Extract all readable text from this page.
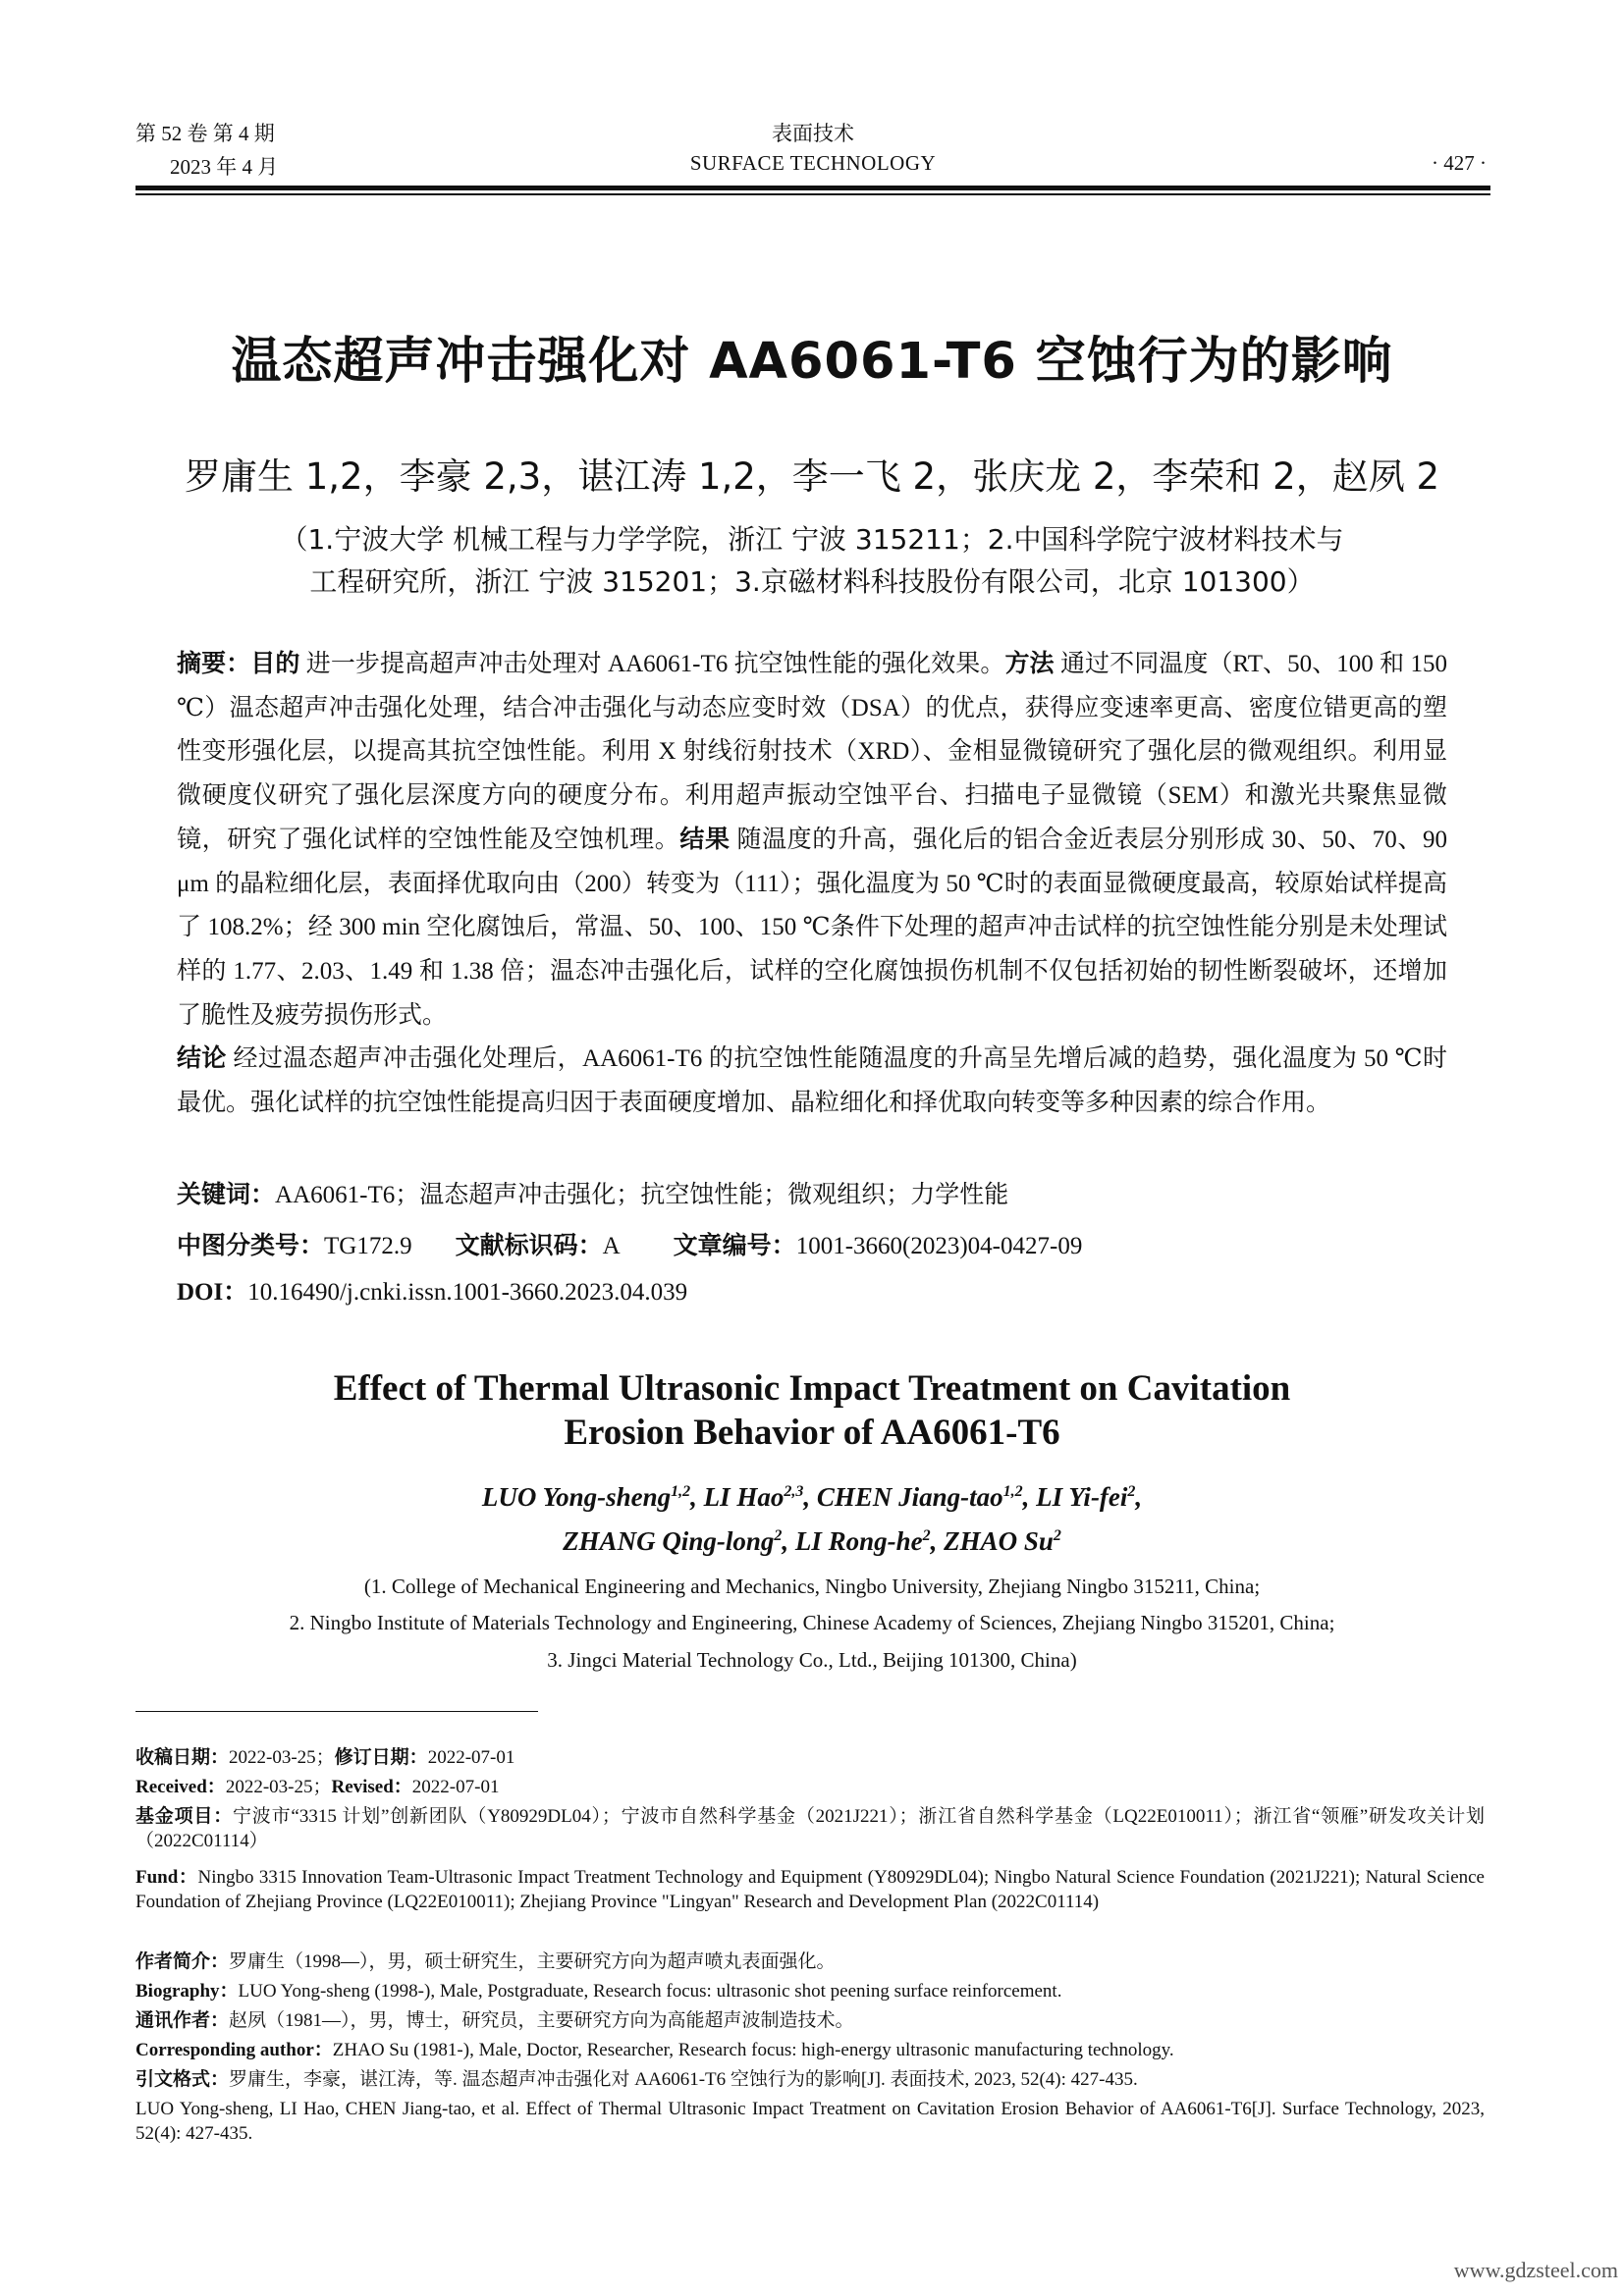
第 52 卷 第 4 期
2023 年 4 月
表面技术
SURFACE TECHNOLOGY	· 427 ·
温态超声冲击强化对 AA6061-T6 空蚀行为的影响
罗庸生 1,2，李豪 2,3，谌江涛 1,2，李一飞 2，张庆龙 2，李荣和 2，赵夙 2
（1.宁波大学 机械工程与力学学院，浙江 宁波 315211；2.中国科学院宁波材料技术与
工程研究所，浙江 宁波 315201；3.京磁材料科技股份有限公司，北京 101300）
摘要：目的 进一步提高超声冲击处理对 AA6061-T6 抗空蚀性能的强化效果。方法 通过不同温度（RT、50、100 和 150 ℃）温态超声冲击强化处理，结合冲击强化与动态应变时效（DSA）的优点，获得应变速率更高、密度位错更高的塑性变形强化层，以提高其抗空蚀性能。利用 X 射线衍射技术（XRD）、金相显微镜研究了强化层的微观组织。利用显微硬度仪研究了强化层深度方向的硬度分布。利用超声振动空蚀平台、扫描电子显微镜（SEM）和激光共聚焦显微镜，研究了强化试样的空蚀性能及空蚀机理。结果 随温度的升高，强化后的铝合金近表层分别形成 30、50、70、90 μm 的晶粒细化层，表面择优取向由（200）转变为（111）；强化温度为 50 ℃时的表面显微硬度最高，较原始试样提高了 108.2%；经 300 min 空化腐蚀后，常温、50、100、150 ℃条件下处理的超声冲击试样的抗空蚀性能分别是未处理试样的 1.77、2.03、1.49 和 1.38 倍；温态冲击强化后，试样的空化腐蚀损伤机制不仅包括初始的韧性断裂破坏，还增加了脆性及疲劳损伤形式。
结论 经过温态超声冲击强化处理后，AA6061-T6 的抗空蚀性能随温度的升高呈先增后减的趋势，强化温度为 50 ℃时最优。强化试样的抗空蚀性能提高归因于表面硬度增加、晶粒细化和择优取向转变等多种因素的综合作用。
关键词：AA6061-T6；温态超声冲击强化；抗空蚀性能；微观组织；力学性能
中图分类号：TG172.9 文献标识码：A 文章编号：1001-3660(2023)04-0427-09
DOI：10.16490/j.cnki.issn.1001-3660.2023.04.039
Effect of Thermal Ultrasonic Impact Treatment on Cavitation
Erosion Behavior of AA6061-T6
LUO Yong-sheng$^{1,2}$, LI Hao$^{2,3}$, CHEN Jiang-tao$^{1,2}$, LI Yi-fei$^2$,
ZHANG Qing-long$^2$, LI Rong-$he^2$, ZHAO Su$^2$
(1. College of Mechanical Engineering and Mechanics, Ningbo University, Zhejiang Ningbo 315211, China;
2. Ningbo Institute of Materials Technology and Engineering, Chinese Academy of Sciences, Zhejiang Ningbo 315201, China;
3. Jingci Material Technology Co., Ltd., Beijing 101300, China)
收稿日期：2022-03-25；修订日期：2022-07-01
Received：2022-03-25；Revised：2022-07-01
基金项目：宁波市“3315 计划”创新团队（Y80929DL04）；宁波市自然科学基金（2021J221）；浙江省自然科学基金（LQ22E010011）；浙江省“领雁”研发攻关计划（2022C01114）
Fund：Ningbo 3315 Innovation Team-Ultrasonic Impact Treatment Technology and Equipment (Y80929DL04); Ningbo Natural Science Foundation (2021J221); Natural Science Foundation of Zhejiang Province (LQ22E010011); Zhejiang Province "Lingyan" Research and Development Plan (2022C01114)
作者简介：罗庸生（1998—），男，硕士研究生，主要研究方向为超声喷丸表面强化。
Biography：LUO Yong-sheng (1998-), Male, Postgraduate, Research focus: ultrasonic shot peening surface reinforcement.
通讯作者：赵夙（1981—），男，博士，研究员，主要研究方向为高能超声波制造技术。
Corresponding author：ZHAO Su (1981-), Male, Doctor, Researcher, Research focus: high-energy ultrasonic manufacturing technology.
引文格式：罗庸生，李豪，谌江涛，等. 温态超声冲击强化对 AA6061-T6 空蚀行为的影响[J]. 表面技术, 2023, 52(4): 427-435.
LUO Yong-sheng, LI Hao, CHEN Jiang-tao, et al. Effect of Thermal Ultrasonic Impact Treatment on Cavitation Erosion Behavior of AA6061-T6[J]. Surface Technology, 2023, 52(4): 427-435.
www.gdzsteel.com
